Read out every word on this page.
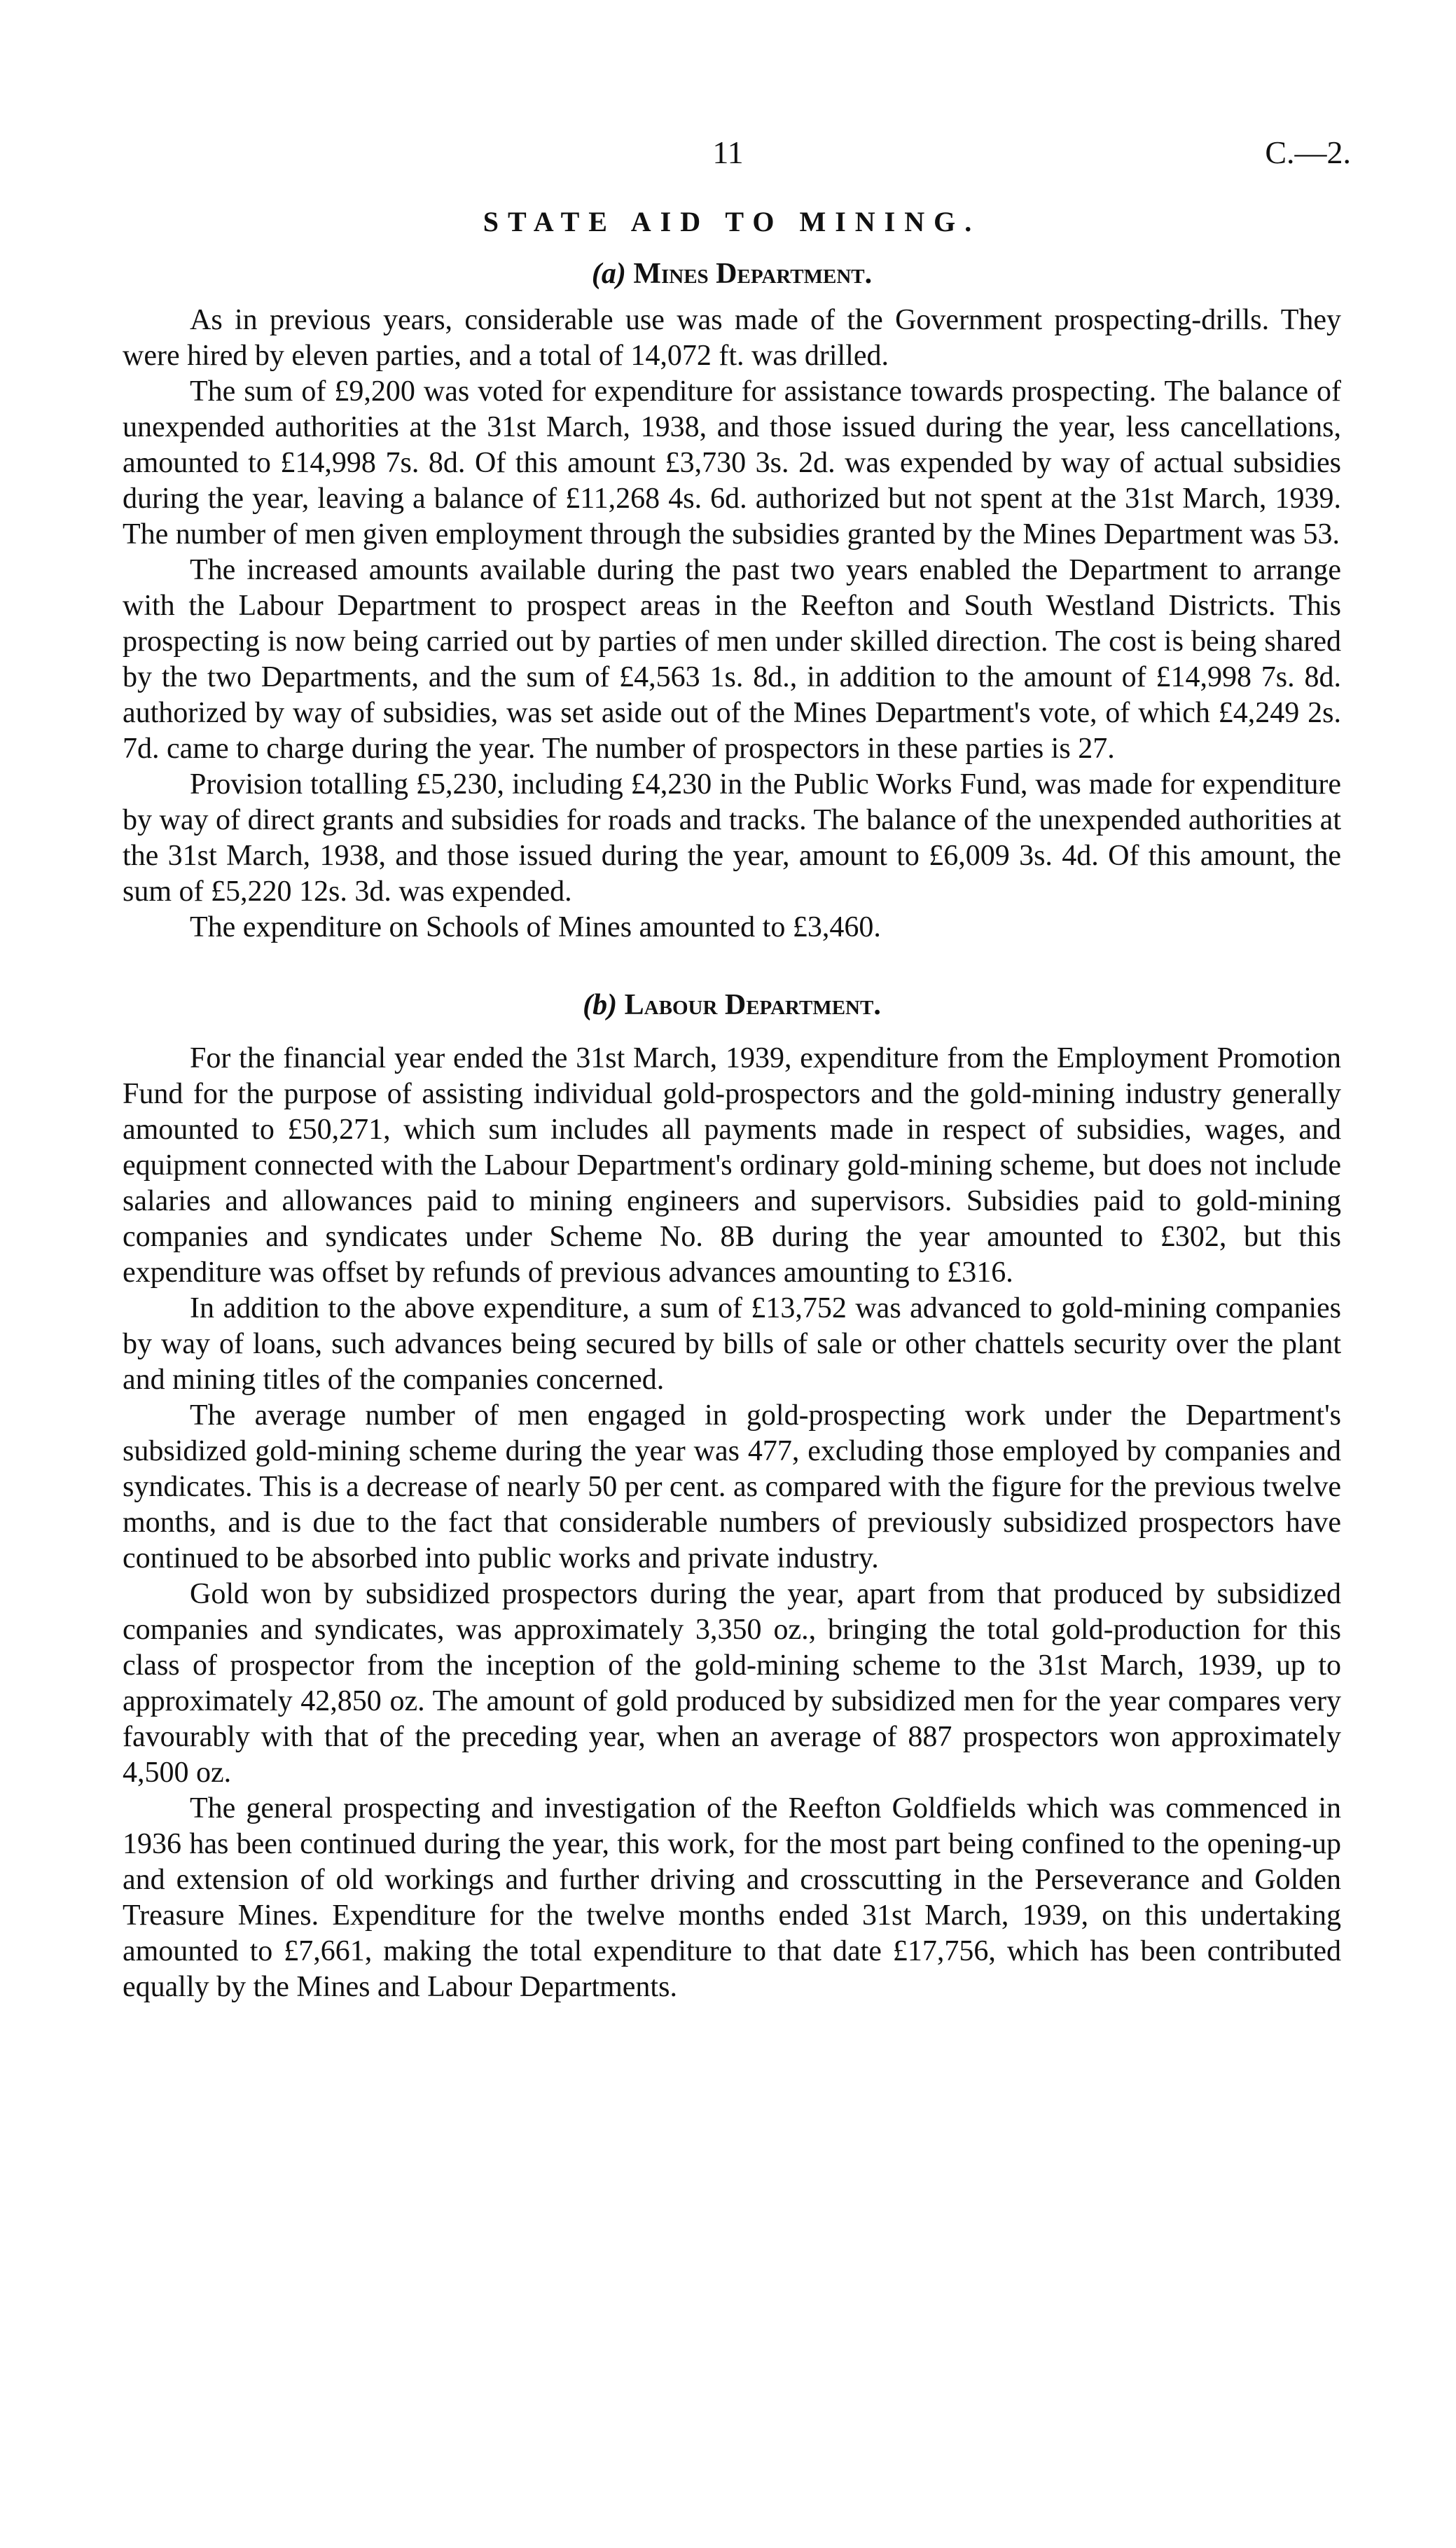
11	C.—2.
STATE AID TO MINING.
(a) Mines Department.

As in previous years, considerable use was made of the Government prospecting-drills. They were hired by eleven parties, and a total of 14,072 ft. was drilled.

The sum of £9,200 was voted for expenditure for assistance towards prospecting. The balance of unexpended authorities at the 31st March, 1938, and those issued during the year, less cancellations, amounted to £14,998 7s. 8d. Of this amount £3,730 3s. 2d. was expended by way of actual subsidies during the year, leaving a balance of £11,268 4s. 6d. authorized but not spent at the 31st March, 1939. The number of men given employment through the subsidies granted by the Mines Department was 53.

The increased amounts available during the past two years enabled the Department to arrange with the Labour Department to prospect areas in the Reefton and South Westland Districts. This prospecting is now being carried out by parties of men under skilled direction. The cost is being shared by the two Departments, and the sum of £4,563 1s. 8d., in addition to the amount of £14,998 7s. 8d. authorized by way of subsidies, was set aside out of the Mines Department's vote, of which £4,249 2s. 7d. came to charge during the year. The number of prospectors in these parties is 27.

Provision totalling £5,230, including £4,230 in the Public Works Fund, was made for expenditure by way of direct grants and subsidies for roads and tracks. The balance of the unexpended authorities at the 31st March, 1938, and those issued during the year, amount to £6,009 3s. 4d. Of this amount, the sum of £5,220 12s. 3d. was expended.

The expenditure on Schools of Mines amounted to £3,460.

(b) Labour Department.

For the financial year ended the 31st March, 1939, expenditure from the Employment Promotion Fund for the purpose of assisting individual gold-prospectors and the gold-mining industry generally amounted to £50,271, which sum includes all payments made in respect of subsidies, wages, and equipment connected with the Labour Department's ordinary gold-mining scheme, but does not include salaries and allowances paid to mining engineers and supervisors. Subsidies paid to gold-mining companies and syndicates under Scheme No. 8B during the year amounted to £302, but this expenditure was offset by refunds of previous advances amounting to £316.

In addition to the above expenditure, a sum of £13,752 was advanced to gold-mining companies by way of loans, such advances being secured by bills of sale or other chattels security over the plant and mining titles of the companies concerned.

The average number of men engaged in gold-prospecting work under the Department's subsidized gold-mining scheme during the year was 477, excluding those employed by companies and syndicates. This is a decrease of nearly 50 per cent. as compared with the figure for the previous twelve months, and is due to the fact that considerable numbers of previously subsidized prospectors have continued to be absorbed into public works and private industry.

Gold won by subsidized prospectors during the year, apart from that produced by subsidized companies and syndicates, was approximately 3,350 oz., bringing the total gold-production for this class of prospector from the inception of the gold-mining scheme to the 31st March, 1939, up to approximately 42,850 oz. The amount of gold produced by subsidized men for the year compares very favourably with that of the preceding year, when an average of 887 prospectors won approximately 4,500 oz.

The general prospecting and investigation of the Reefton Goldfields which was commenced in 1936 has been continued during the year, this work, for the most part being confined to the opening-up and extension of old workings and further driving and crosscutting in the Perseverance and Golden Treasure Mines. Expenditure for the twelve months ended 31st March, 1939, on this undertaking amounted to £7,661, making the total expenditure to that date £17,756, which has been contributed equally by the Mines and Labour Departments.
